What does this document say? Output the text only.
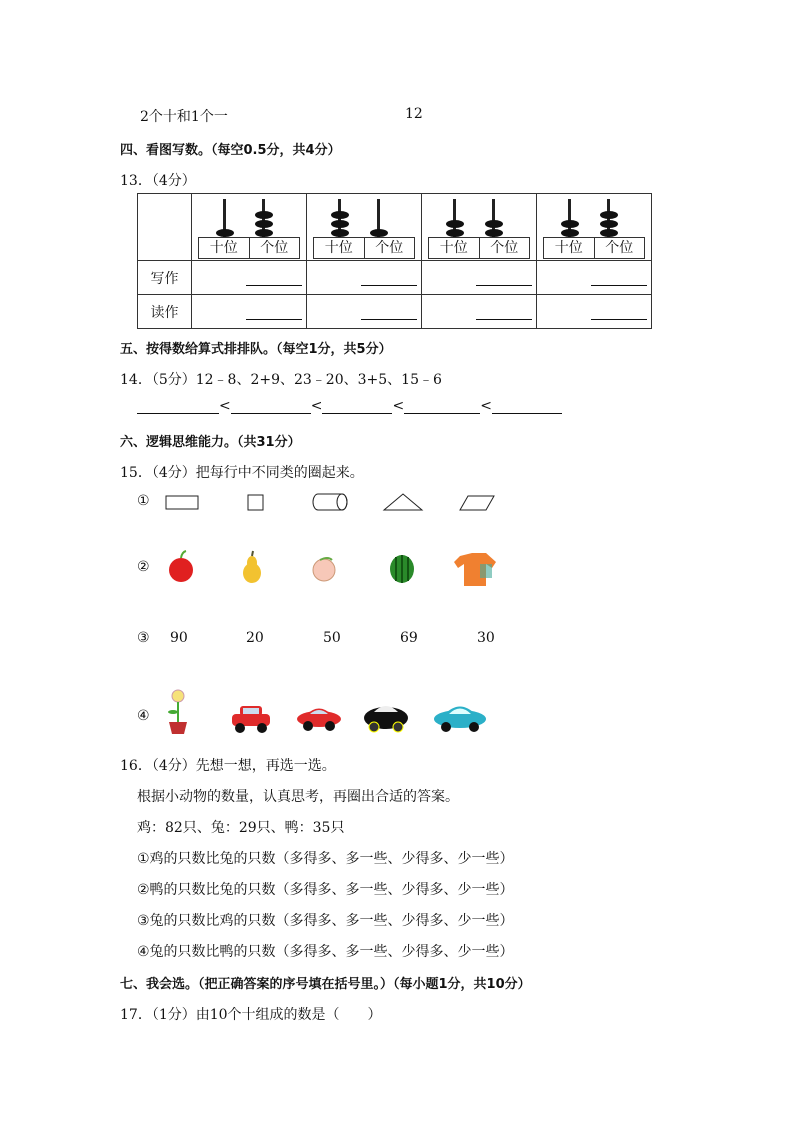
2个十和1个一	12
四、看图写数。（每空0.5分，共4分）
13．（4分）

	十位 个位	十位 个位	十位 个位	十位 个位

写作				
读作				
五、按得数给算式排排队。（每空1分，共5分）
14．（5分）12﹣8、2+9、23﹣20、3+5、15﹣6
<	<	<	<
六、逻辑思维能力。（共31分）
15．（4分）把每行中不同类的圈起来。
①
②
③ 90	20	50	69	30
④
16．（4分）先想一想，再选一选。
根据小动物的数量，认真思考，再圈出合适的答案。
鸡：82只、兔：29只、鸭：35只
①鸡的只数比兔的只数（多得多、多一些、少得多、少一些）
②鸭的只数比兔的只数（多得多、多一些、少得多、少一些）
③兔的只数比鸡的只数（多得多、多一些、少得多、少一些）
④兔的只数比鸭的只数（多得多、多一些、少得多、少一些）
七、我会选。（把正确答案的序号填在括号里。）（每小题1分，共10分）
17．（1分）由10个十组成的数是（　　）
